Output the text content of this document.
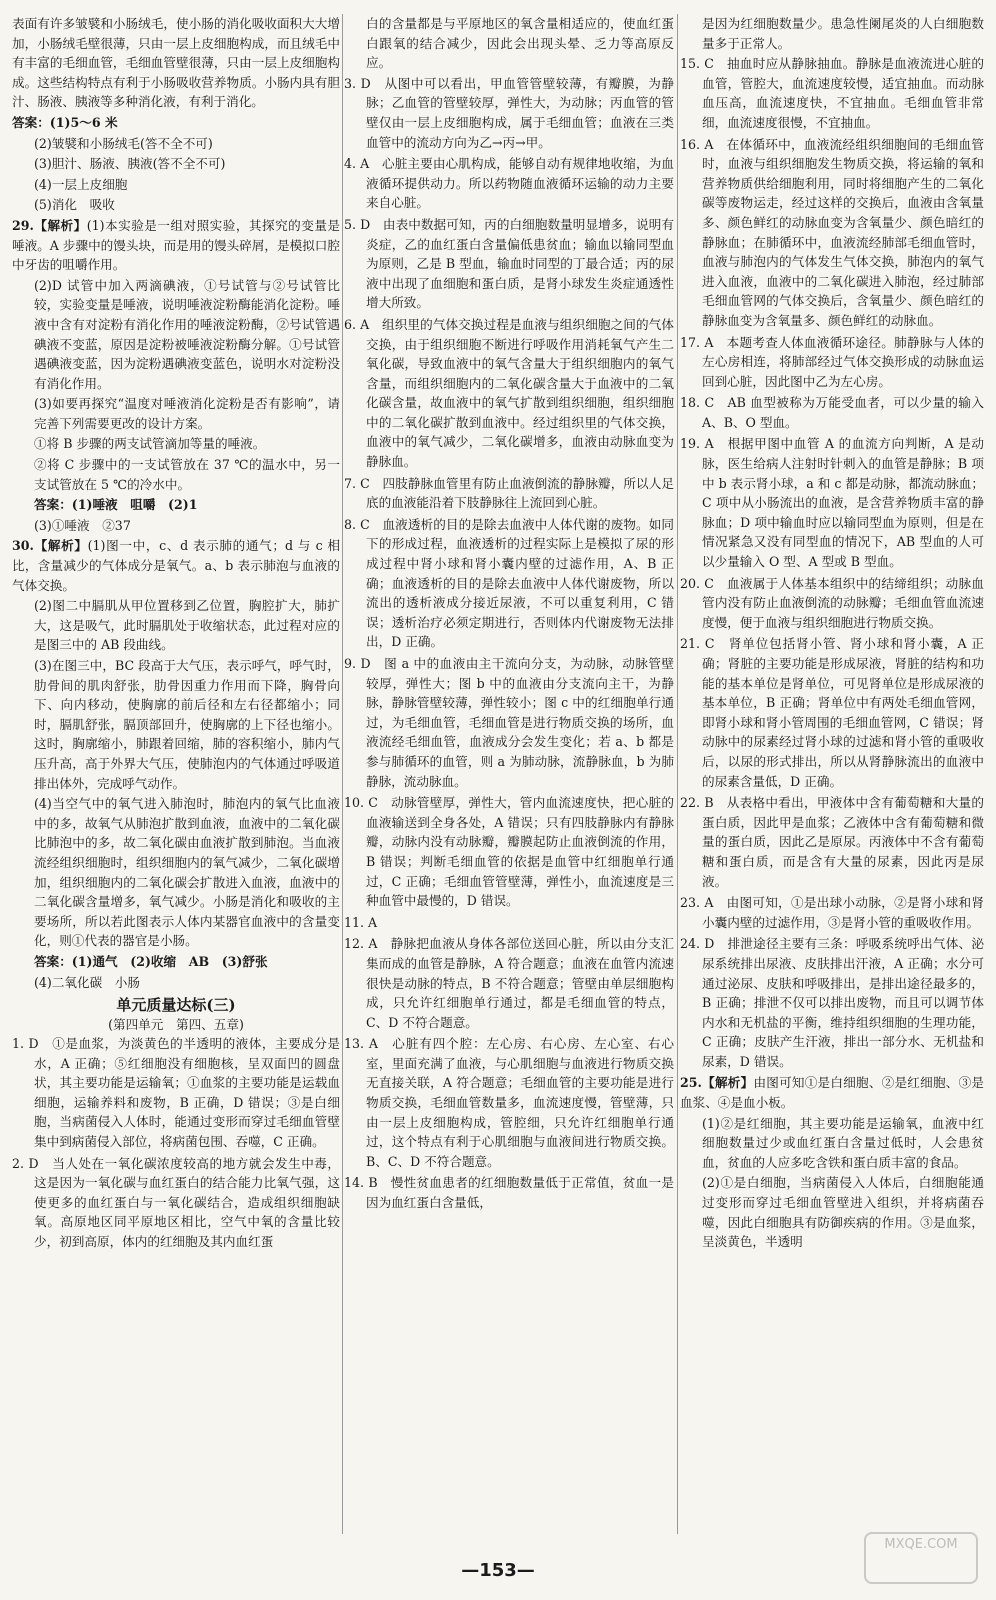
表面有许多皱襞和小肠绒毛，使小肠的消化吸收面积大大增加，小肠绒毛壁很薄，只由一层上皮细胞构成，而且绒毛中有丰富的毛细血管，毛细血管壁很薄，只由一层上皮细胞构成。这些结构特点有利于小肠吸收营养物质。小肠内具有胆汁、肠液、胰液等多种消化液，有利于消化。

答案：(1)5～6 米

(2)皱襞和小肠绒毛(答不全不可)

(3)胆汁、肠液、胰液(答不全不可)

(4)一层上皮细胞

(5)消化　吸收

29.【解析】(1)本实验是一组对照实验，其探究的变量是唾液。A 步骤中的馒头块，而是用的馒头碎屑，是模拟口腔中牙齿的咀嚼作用。

(2)D 试管中加入两滴碘液，①号试管与②号试管比较，实验变量是唾液，说明唾液淀粉酶能消化淀粉。唾液中含有对淀粉有消化作用的唾液淀粉酶，②号试管遇碘液不变蓝，原因是淀粉被唾液淀粉酶分解。①号试管遇碘液变蓝，因为淀粉遇碘液变蓝色，说明水对淀粉没有消化作用。

(3)如要再探究“温度对唾液消化淀粉是否有影响”，请完善下列需要更改的设计方案。

①将 B 步骤的两支试管滴加等量的唾液。

②将 C 步骤中的一支试管放在 37 ℃的温水中，另一支试管放在 5 ℃的冷水中。

答案：(1)唾液　咀嚼　(2)1

(3)①唾液　②37

30.【解析】(1)图一中，c、d 表示肺的通气；d 与 c 相比，含量减少的气体成分是氧气。a、b 表示肺泡与血液的气体交换。

(2)图二中膈肌从甲位置移到乙位置，胸腔扩大，肺扩大，这是吸气，此时膈肌处于收缩状态，此过程对应的是图三中的 AB 段曲线。

(3)在图三中，BC 段高于大气压，表示呼气，呼气时，肋骨间的肌肉舒张，肋骨因重力作用而下降，胸骨向下、向内移动，使胸廓的前后径和左右径都缩小；同时，膈肌舒张，膈顶部回升，使胸廓的上下径也缩小。这时，胸廓缩小，肺跟着回缩，肺的容积缩小，肺内气压升高，高于外界大气压，使肺泡内的气体通过呼吸道排出体外，完成呼气动作。

(4)当空气中的氧气进入肺泡时，肺泡内的氧气比血液中的多，故氧气从肺泡扩散到血液，血液中的二氧化碳比肺泡中的多，故二氧化碳由血液扩散到肺泡。当血液流经组织细胞时，组织细胞内的氧气减少，二氧化碳增加，组织细胞内的二氧化碳会扩散进入血液，血液中的二氧化碳含量增多，氧气减少。小肠是消化和吸收的主要场所，所以若此图表示人体内某器官血液中的含量变化，则①代表的器官是小肠。

答案：(1)通气　(2)收缩　AB　(3)舒张

(4)二氧化碳　小肠

单元质量达标(三)
(第四单元　第四、五章)

1. D　①是血浆，为淡黄色的半透明的液体，主要成分是水，A 正确；⑤红细胞没有细胞核，呈双面凹的圆盘状，其主要功能是运输氧；①血浆的主要功能是运载血细胞，运输养料和废物，B 正确，D 错误；③是白细胞，当病菌侵入人体时，能通过变形而穿过毛细血管壁集中到病菌侵入部位，将病菌包围、吞噬，C 正确。

2. D　当人处在一氧化碳浓度较高的地方就会发生中毒，这是因为一氧化碳与血红蛋白的结合能力比氧气强，这使更多的血红蛋白与一氧化碳结合，造成组织细胞缺氧。高原地区同平原地区相比，空气中氧的含量比较少，初到高原，体内的红细胞及其内血红蛋

白的含量都是与平原地区的氧含量相适应的，使血红蛋白跟氧的结合减少，因此会出现头晕、乏力等高原反应。

3. D　从图中可以看出，甲血管管壁较薄，有瓣膜，为静脉；乙血管的管壁较厚，弹性大，为动脉；丙血管的管壁仅由一层上皮细胞构成，属于毛细血管；血液在三类血管中的流动方向为乙→丙→甲。

4. A　心脏主要由心肌构成，能够自动有规律地收缩，为血液循环提供动力。所以药物随血液循环运输的动力主要来自心脏。

5. D　由表中数据可知，丙的白细胞数量明显增多，说明有炎症，乙的血红蛋白含量偏低患贫血；输血以输同型血为原则，乙是 B 型血，输血时同型的丁最合适；丙的尿液中出现了血细胞和蛋白质，是肾小球发生炎症通透性增大所致。

6. A　组织里的气体交换过程是血液与组织细胞之间的气体交换，由于组织细胞不断进行呼吸作用消耗氧气产生二氧化碳，导致血液中的氧气含量大于组织细胞内的氧气含量，而组织细胞内的二氧化碳含量大于血液中的二氧化碳含量，故血液中的氧气扩散到组织细胞，组织细胞中的二氧化碳扩散到血液中。经过组织里的气体交换，血液中的氧气减少，二氧化碳增多，血液由动脉血变为静脉血。

7. C　四肢静脉血管里有防止血液倒流的静脉瓣，所以人足底的血液能沿着下肢静脉往上流回到心脏。

8. C　血液透析的目的是除去血液中人体代谢的废物。如同下的形成过程，血液透析的过程实际上是模拟了尿的形成过程中肾小球和肾小囊内壁的过滤作用，A、B 正确；血液透析的目的是除去血液中人体代谢废物，所以流出的透析液成分接近尿液，不可以重复利用，C 错误；透析治疗必须定期进行，否则体内代谢废物无法排出，D 正确。

9. D　图 a 中的血液由主干流向分支，为动脉，动脉管壁较厚，弹性大；图 b 中的血液由分支流向主干，为静脉，静脉管壁较薄，弹性较小；图 c 中的红细胞单行通过，为毛细血管，毛细血管是进行物质交换的场所，血液流经毛细血管，血液成分会发生变化；若 a、b 都是参与肺循环的血管，则 a 为肺动脉，流静脉血，b 为肺静脉，流动脉血。

10. C　动脉管壁厚，弹性大，管内血流速度快，把心脏的血液输送到全身各处，A 错误；只有四肢静脉内有静脉瓣，动脉内没有动脉瓣，瓣膜起防止血液倒流的作用，B 错误；判断毛细血管的依据是血管中红细胞单行通过，C 正确；毛细血管管壁薄，弹性小，血流速度是三种血管中最慢的，D 错误。

11. A

12. A　静脉把血液从身体各部位送回心脏，所以由分支汇集而成的血管是静脉，A 符合题意；血液在血管内流速很快是动脉的特点，B 不符合题意；管壁由单层细胞构成，只允许红细胞单行通过，都是毛细血管的特点，C、D 不符合题意。

13. A　心脏有四个腔：左心房、右心房、左心室、右心室，里面充满了血液，与心肌细胞与血液进行物质交换无直接关联，A 符合题意；毛细血管的主要功能是进行物质交换，毛细血管数量多，血流速度慢，管壁薄，只由一层上皮细胞构成，管腔细，只允许红细胞单行通过，这个特点有利于心肌细胞与血液间进行物质交换。B、C、D 不符合题意。

14. B　慢性贫血患者的红细胞数量低于正常值，贫血一是因为血红蛋白含量低，

是因为红细胞数量少。患急性阑尾炎的人白细胞数量多于正常人。

15. C　抽血时应从静脉抽血。静脉是血液流进心脏的血管，管腔大，血流速度较慢，适宜抽血。而动脉血压高，血流速度快，不宜抽血。毛细血管非常细，血流速度很慢，不宜抽血。

16. A　在体循环中，血液流经组织细胞间的毛细血管时，血液与组织细胞发生物质交换，将运输的氧和营养物质供给细胞利用，同时将细胞产生的二氧化碳等废物运走，经过这样的交换后，血液由含氧量多、颜色鲜红的动脉血变为含氧量少、颜色暗红的静脉血；在肺循环中，血液流经肺部毛细血管时，血液与肺泡内的气体发生气体交换，肺泡内的氧气进入血液，血液中的二氧化碳进入肺泡，经过肺部毛细血管网的气体交换后，含氧量少、颜色暗红的静脉血变为含氧量多、颜色鲜红的动脉血。

17. A　本题考查人体血液循环途径。肺静脉与人体的左心房相连，将肺部经过气体交换形成的动脉血运回到心脏，因此图中乙为左心房。

18. C　AB 血型被称为万能受血者，可以少量的输入 A、B、O 型血。

19. A　根据甲图中血管 A 的血流方向判断，A 是动脉，医生给病人注射时针刺入的血管是静脉；B 项中 b 表示肾小球，a 和 c 都是动脉，都流动脉血；C 项中从小肠流出的血液，是含营养物质丰富的静脉血；D 项中输血时应以输同型血为原则，但是在情况紧急又没有同型血的情况下，AB 型血的人可以少量输入 O 型、A 型或 B 型血。

20. C　血液属于人体基本组织中的结缔组织；动脉血管内没有防止血液倒流的动脉瓣；毛细血管血流速度慢，便于血液与组织细胞进行物质交换。

21. C　肾单位包括肾小管、肾小球和肾小囊，A 正确；肾脏的主要功能是形成尿液，肾脏的结构和功能的基本单位是肾单位，可见肾单位是形成尿液的基本单位，B 正确；肾单位中有两处毛细血管网，即肾小球和肾小管周围的毛细血管网，C 错误；肾动脉中的尿素经过肾小球的过滤和肾小管的重吸收后，以尿的形式排出，所以从肾静脉流出的血液中的尿素含量低，D 正确。

22. B　从表格中看出，甲液体中含有葡萄糖和大量的蛋白质，因此甲是血浆；乙液体中含有葡萄糖和微量的蛋白质，因此乙是原尿。丙液体中不含有葡萄糖和蛋白质，而是含有大量的尿素，因此丙是尿液。

23. A　由图可知，①是出球小动脉，②是肾小球和肾小囊内壁的过滤作用，③是肾小管的重吸收作用。

24. D　排泄途径主要有三条：呼吸系统呼出气体、泌尿系统排出尿液、皮肤排出汗液，A 正确；水分可通过泌尿、皮肤和呼吸排出，是排出途径最多的，B 正确；排泄不仅可以排出废物，而且可以调节体内水和无机盐的平衡，维持组织细胞的生理功能，C 正确；皮肤产生汗液，排出一部分水、无机盐和尿素，D 错误。

25.【解析】由图可知①是白细胞、②是红细胞、③是血浆、④是血小板。

(1)②是红细胞，其主要功能是运输氧，血液中红细胞数量过少或血红蛋白含量过低时，人会患贫血，贫血的人应多吃含铁和蛋白质丰富的食品。

(2)①是白细胞，当病菌侵入人体后，白细胞能通过变形而穿过毛细血管壁进入组织，并将病菌吞噬，因此白细胞具有防御疾病的作用。③是血浆，呈淡黄色，半透明

—153—
MXQE.COM
